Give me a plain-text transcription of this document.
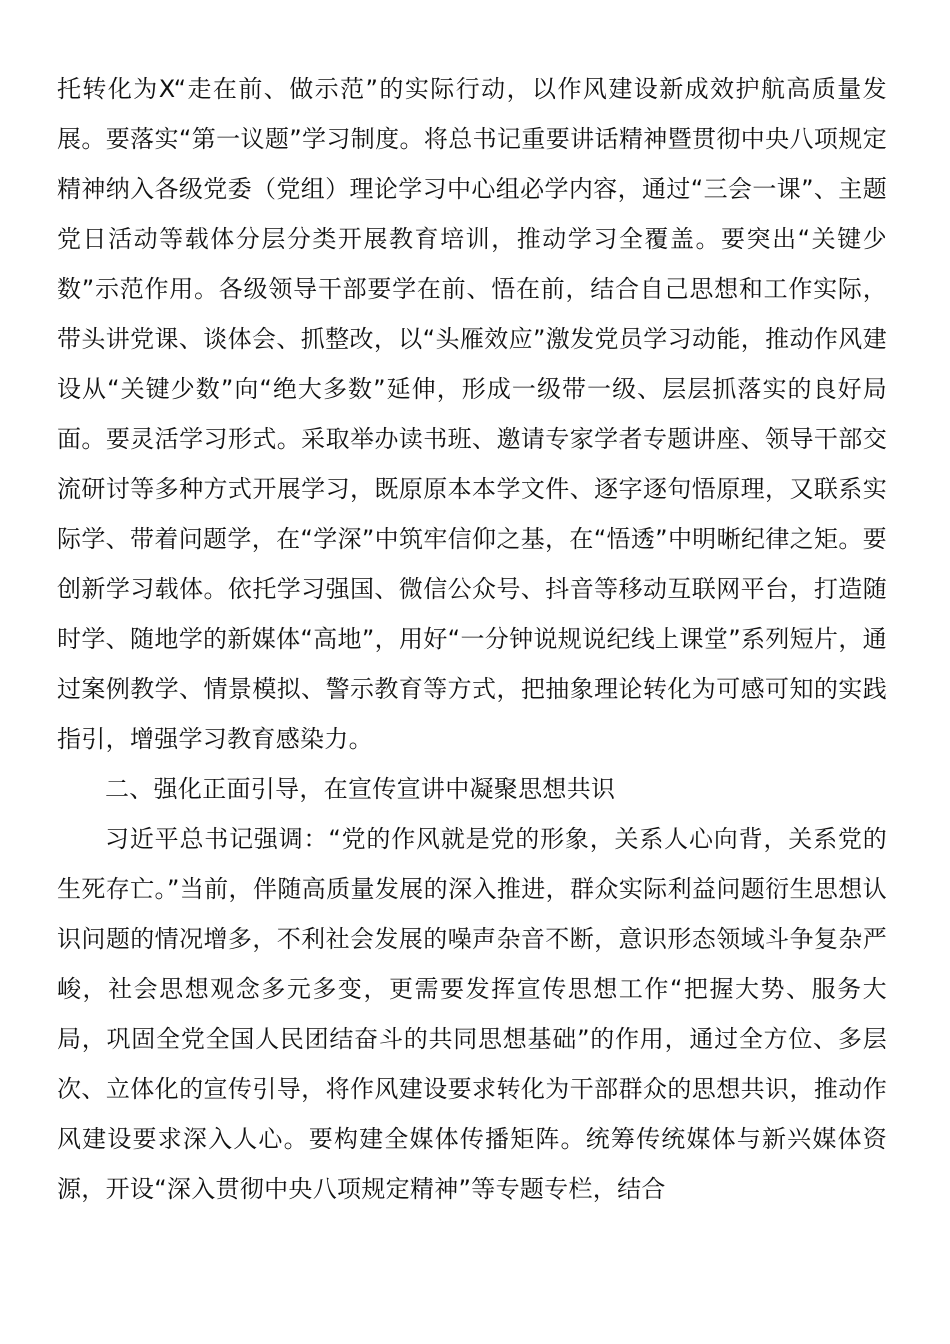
托转化为X“走在前、做示范”的实际行动，以作风建设新成效护航高质量发展。要落实“第一议题”学习制度。将总书记重要讲话精神暨贯彻中央八项规定精神纳入各级党委（党组）理论学习中心组必学内容，通过“三会一课”、主题党日活动等载体分层分类开展教育培训，推动学习全覆盖。要突出“关键少数”示范作用。各级领导干部要学在前、悟在前，结合自己思想和工作实际，带头讲党课、谈体会、抓整改，以“头雁效应”激发党员学习动能，推动作风建设从“关键少数”向“绝大多数”延伸，形成一级带一级、层层抓落实的良好局面。要灵活学习形式。采取举办读书班、邀请专家学者专题讲座、领导干部交流研讨等多种方式开展学习，既原原本本学文件、逐字逐句悟原理，又联系实际学、带着问题学，在“学深”中筑牢信仰之基，在“悟透”中明晰纪律之矩。要创新学习载体。依托学习强国、微信公众号、抖音等移动互联网平台，打造随时学、随地学的新媒体“高地”，用好“一分钟说规说纪线上课堂”系列短片，通过案例教学、情景模拟、警示教育等方式，把抽象理论转化为可感可知的实践指引，增强学习教育感染力。

二、强化正面引导，在宣传宣讲中凝聚思想共识

习近平总书记强调：“党的作风就是党的形象，关系人心向背，关系党的生死存亡。”当前，伴随高质量发展的深入推进，群众实际利益问题衍生思想认识问题的情况增多，不利社会发展的噪声杂音不断，意识形态领域斗争复杂严峻，社会思想观念多元多变，更需要发挥宣传思想工作“把握大势、服务大局，巩固全党全国人民团结奋斗的共同思想基础”的作用，通过全方位、多层次、立体化的宣传引导，将作风建设要求转化为干部群众的思想共识，推动作风建设要求深入人心。要构建全媒体传播矩阵。统筹传统媒体与新兴媒体资源，开设“深入贯彻中央八项规定精神”等专题专栏，结合
